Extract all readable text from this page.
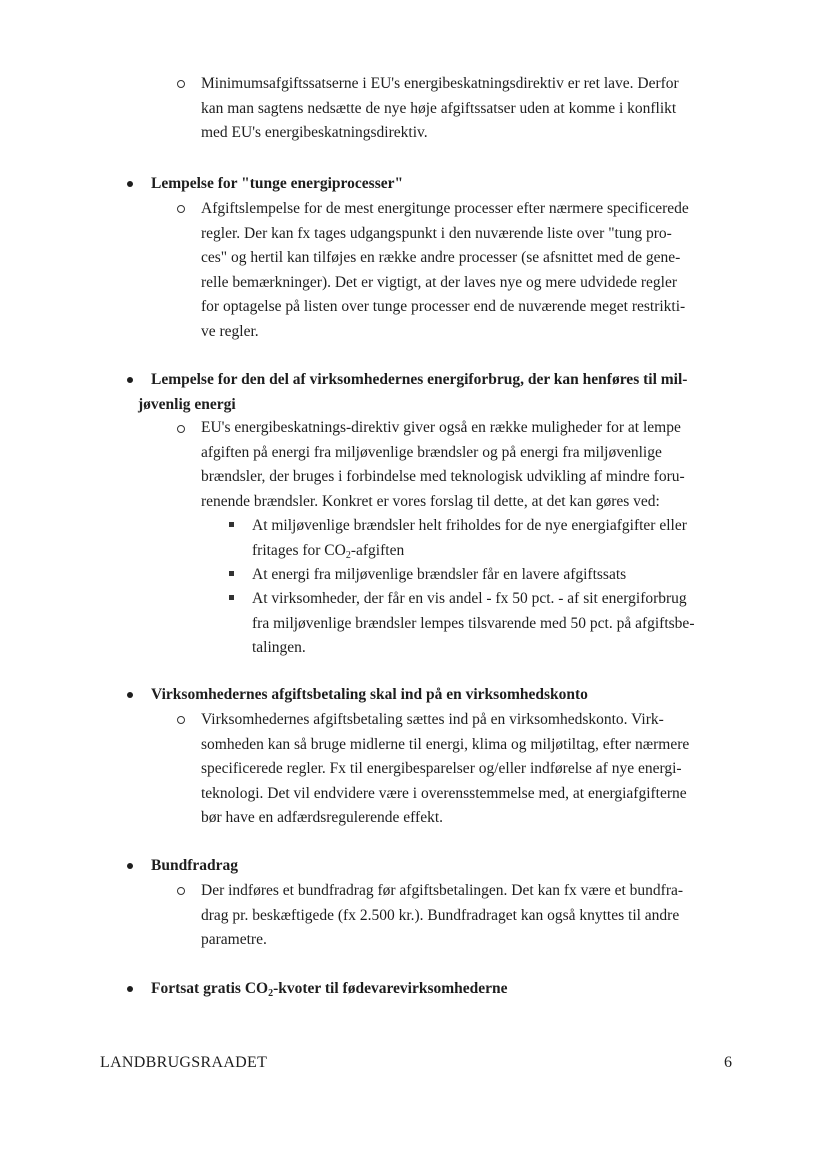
Minimumsafgiftssatserne i EU's energibeskatningsdirektiv er ret lave. Derfor
kan man sagtens nedsætte de nye høje afgiftssatser uden at komme i konflikt
med EU's energibeskatningsdirektiv.
Lempelse for "tunge energiprocesser"
Afgiftslempelse for de mest energitunge processer efter nærmere specificerede
regler. Der kan fx tages udgangspunkt i den nuværende liste over "tung pro-
ces" og hertil kan tilføjes en række andre processer (se afsnittet med de gene-
relle bemærkninger). Det er vigtigt, at der laves nye og mere udvidede regler
for optagelse på listen over tunge processer end de nuværende meget restrikti-
ve regler.
Lempelse for den del af virksomhedernes energiforbrug, der kan henføres til mil-
jøvenlig energi
EU's energibeskatnings-direktiv giver også en række muligheder for at lempe
afgiften på energi fra miljøvenlige brændsler og på energi fra miljøvenlige
brændsler, der bruges i forbindelse med teknologisk udvikling af mindre foru-
renende brændsler. Konkret er vores forslag til dette, at det kan gøres ved:
At miljøvenlige brændsler helt friholdes for de nye energiafgifter eller
fritages for $CO_2$-afgiften
At energi fra miljøvenlige brændsler får en lavere afgiftssats
At virksomheder, der får en vis andel - fx 50 pct. - af sit energiforbrug
fra miljøvenlige brændsler lempes tilsvarende med 50 pct. på afgiftsbe-
talingen.
Virksomhedernes afgiftsbetaling skal ind på en virksomhedskonto
Virksomhedernes afgiftsbetaling sættes ind på en virksomhedskonto. Virk-
somheden kan så bruge midlerne til energi, klima og miljøtiltag, efter nærmere
specificerede regler. Fx til energibesparelser og/eller indførelse af nye energi-
teknologi. Det vil endvidere være i overensstemmelse med, at energiafgifterne
bør have en adfærdsregulerende effekt.
Bundfradrag
Der indføres et bundfradrag før afgiftsbetalingen. Det kan fx være et bundfra-
drag pr. beskæftigede (fx 2.500 kr.). Bundfradraget kan også knyttes til andre
parametre.
Fortsat gratis $CO_2$-kvoter til fødevarevirksomhederne
LANDBRUGSRAADET	6
